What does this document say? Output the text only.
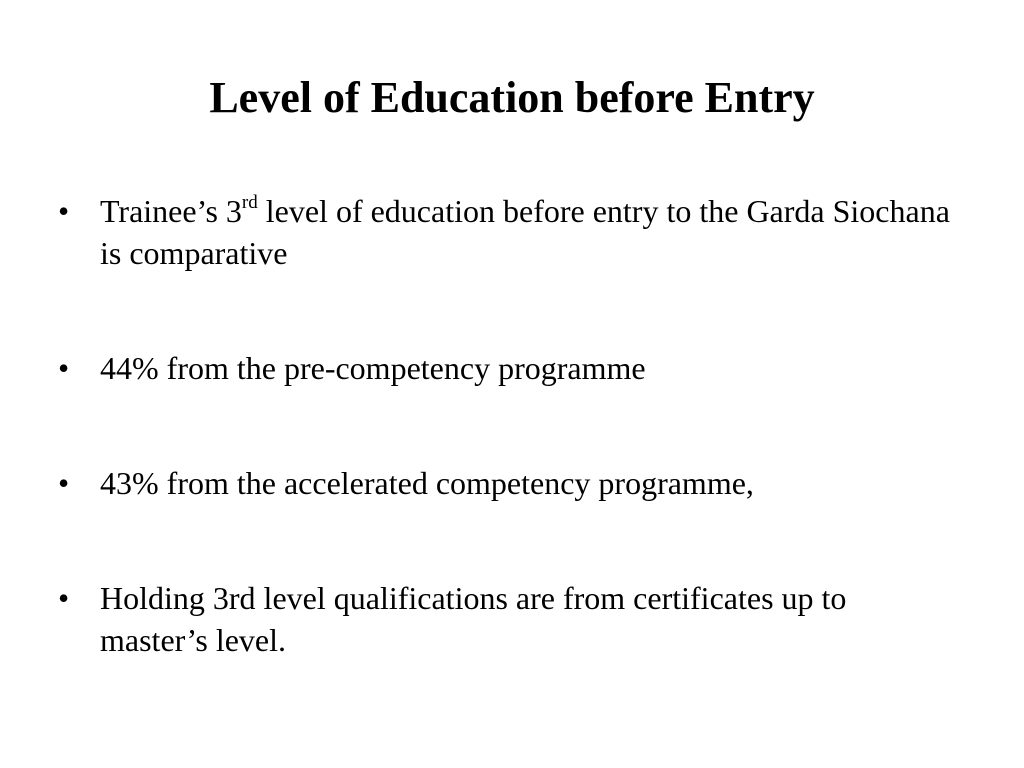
Level of Education before Entry
• Trainee’s 3rd level of education before entry to the Garda Siochana is comparative
• 44% from the pre-competency programme
• 43% from the accelerated competency programme,
• Holding 3rd level qualifications are from certificates up to master’s level.
